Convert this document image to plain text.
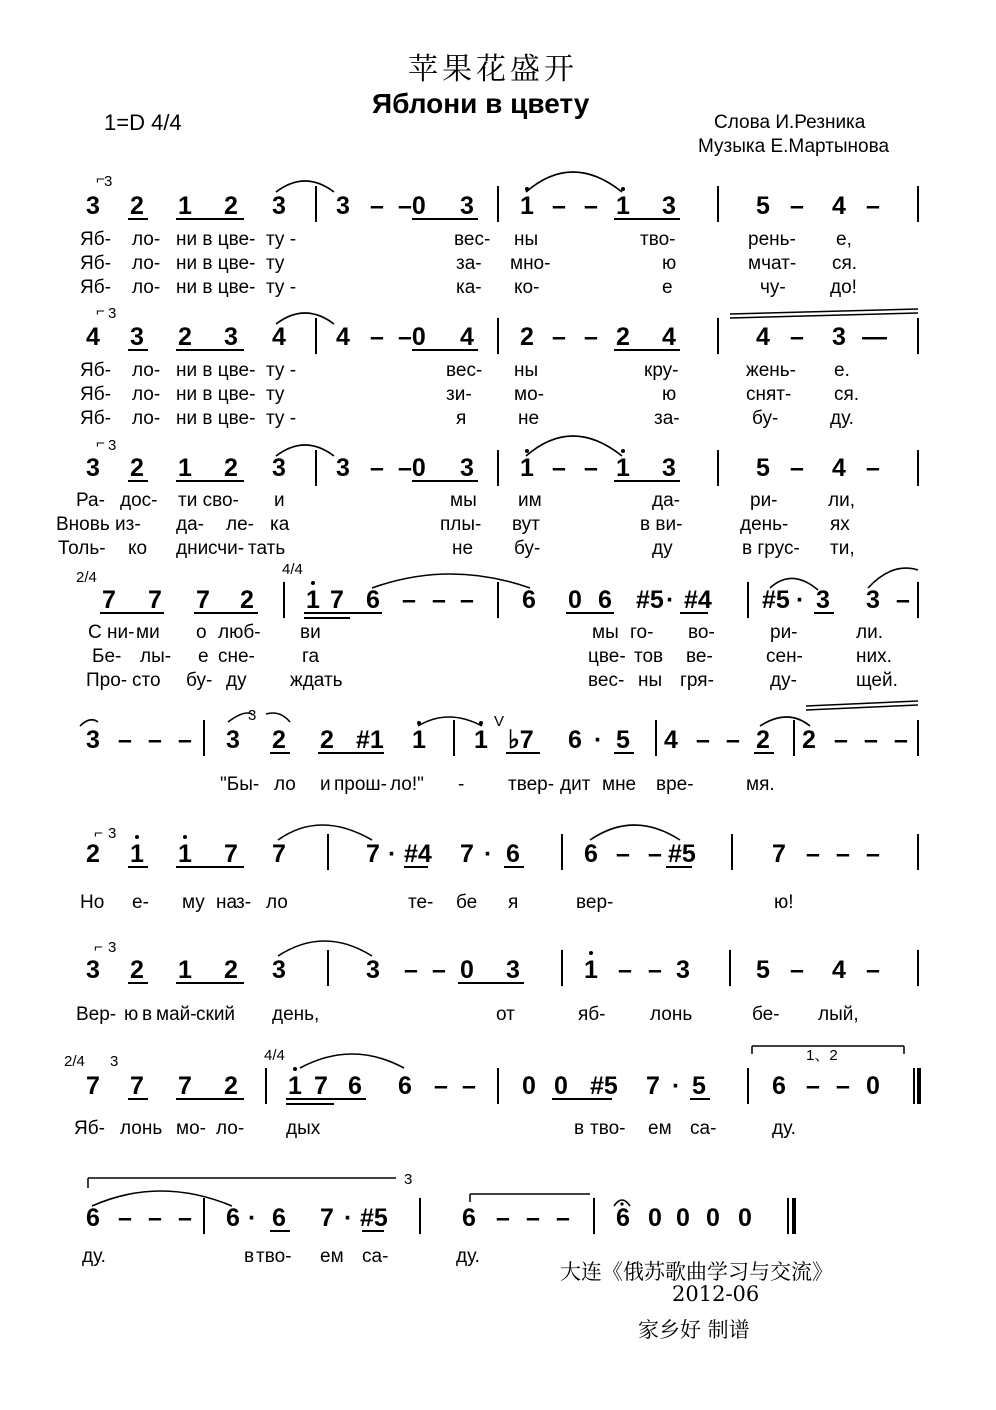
苹果花盛开
Яблони в цвету
1=D 4/4	Слова И.Резника
Музыка Е.Мартынова
⌐ 3
3 2 1 2 3 3 – –0 3 1 – – 1 3	5 – 4 –
Яб- ло- ни в цве- ту -	вес- ны	тво-	рень- е,
Яб- ло- ни в цве- ту	за- мно-	ю	мчат- ся.
Яб- ло- ни в цве- ту -	ка- ко-	е	чу- до!
⌐ 3
4 3 2 3 4 4 – –0 4 2 – – 2 4	4 – 3 —
Яб- ло- ни в цве- ту -	вес- ны	кру-	жень- е.
Яб- ло- ни в цве- ту	зи- мо-	ю	снят- ся.
Яб- ло- ни в цве- ту -	я	не	за-	бу-	ду.
⌐ 3
3 2 1 2 3 3 – –0 3 1 – – 1 3	5 – 4 –
Ра- дос- ти сво- и	мы им	да-	ри-	ли,
Вновь из- да- ле- ка	плы- вут	в ви-	день- ях
Толь- ко дни счи- тать	не бу-	ду	в грус- ти,
2/4	4/4
7 7 7 2 1 7 6 – – – 6 0 6 #5 · #4 #5 · 3 3 –
С ни- ми о люб- ви	мы го- во-	ри-	ли.
Бе- лы- е сне- га	цве- тов ве-	сен-	них.
Про- сто бу- ду ждать	вес- ны гря-	ду-	щей.
3 – – –
3
3 2 2 #1 1 1
V
♭7 6 · 5 4 – – 2 2 – – –
"Бы- ло и прош- ло!" - твер- дит мне вре-	мя.
⌐ 3
2 1 1 7 7	7 · #4 7 · 6	6 – – #5	7 – – –
Но е- му на
з- ло	те- бе я	вер-	ю!
⌐ 3
3 2 1 2 3	3 – – 0 3	1 – – 3	5 – 4 –
Вер- ю в май- ский день,	от	яб- лонь	бе- лый,
2/4 3	4/4
7 7 7 2 1 7 6 6 – – 0 0 #5 7 · 5
1、2
6 – – 0
Яб- лонь мо- ло- дых	в тво- ем са-	ду.
3
6 – – – 6 · 6 7 · #5	6 – – – 6 0 0 0 0
ду.	в тво- ем са-	ду.
大连《俄苏歌曲学习与交流》
2012-06
家乡好 制谱
